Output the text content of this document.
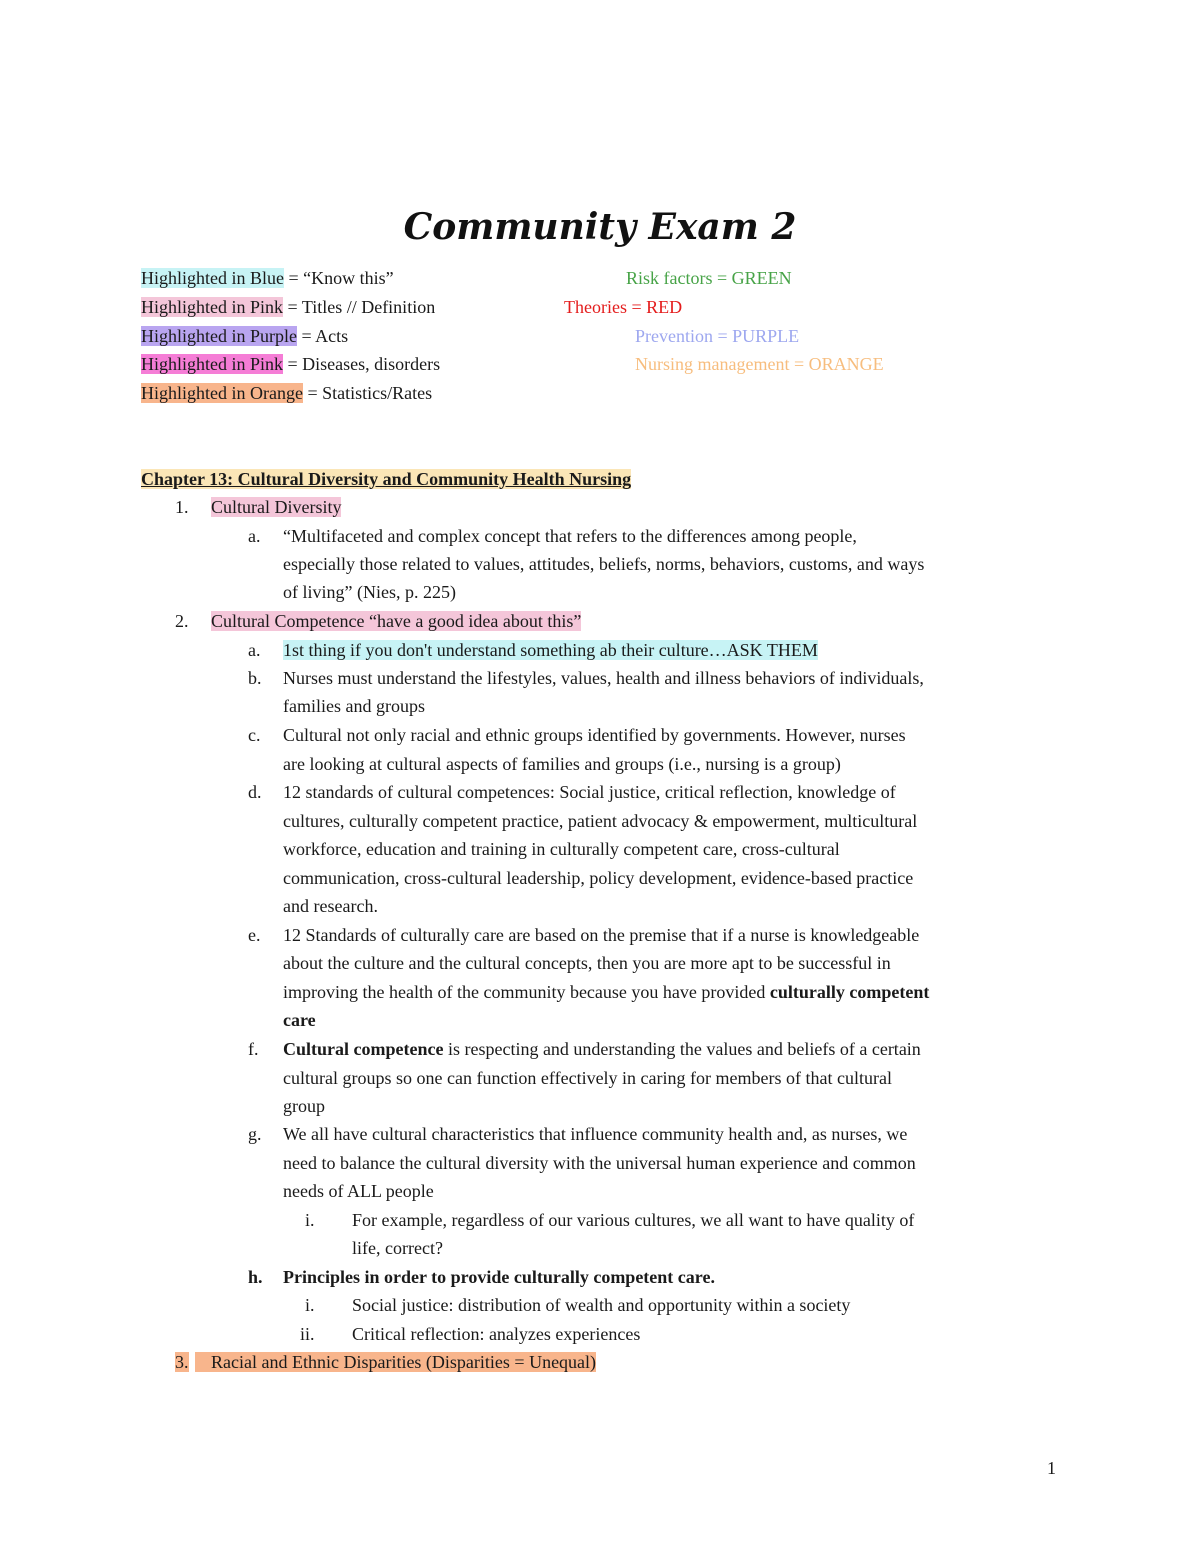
Community Exam 2
Highlighted in Blue = “Know this”
Highlighted in Pink = Titles // Definition
Highlighted in Purple = Acts
Highlighted in Pink = Diseases, disorders
Highlighted in Orange = Statistics/Rates
Risk factors = GREEN
Theories = RED
Prevention = PURPLE
Nursing management = ORANGE
Chapter 13: Cultural Diversity and Community Health Nursing
1. Cultural Diversity
a. “Multifaceted and complex concept that refers to the differences among people,
especially those related to values, attitudes, beliefs, norms, behaviors, customs, and ways
of living” (Nies, p. 225)
2. Cultural Competence “have a good idea about this”
a. 1st thing if you don't understand something ab their culture…ASK THEM
b. Nurses must understand the lifestyles, values, health and illness behaviors of individuals,
families and groups
c. Cultural not only racial and ethnic groups identified by governments. However, nurses
are looking at cultural aspects of families and groups (i.e., nursing is a group)
d. 12 standards of cultural competences: Social justice, critical reflection, knowledge of
cultures, culturally competent practice, patient advocacy & empowerment, multicultural
workforce, education and training in culturally competent care, cross-cultural
communication, cross-cultural leadership, policy development, evidence-based practice
and research.
e. 12 Standards of culturally care are based on the premise that if a nurse is knowledgeable
about the culture and the cultural concepts, then you are more apt to be successful in
improving the health of the community because you have provided culturally competent
care
f. Cultural competence is respecting and understanding the values and beliefs of a certain
cultural groups so one can function effectively in caring for members of that cultural
group
g. We all have cultural characteristics that influence community health and, as nurses, we
need to balance the cultural diversity with the universal human experience and common
needs of ALL people
i. For example, regardless of our various cultures, we all want to have quality of
life, correct?
h. Principles in order to provide culturally competent care.
i. Social justice: distribution of wealth and opportunity within a society
ii. Critical reflection: analyzes experiences
3.	Racial and Ethnic Disparities (Disparities = Unequal)
1
